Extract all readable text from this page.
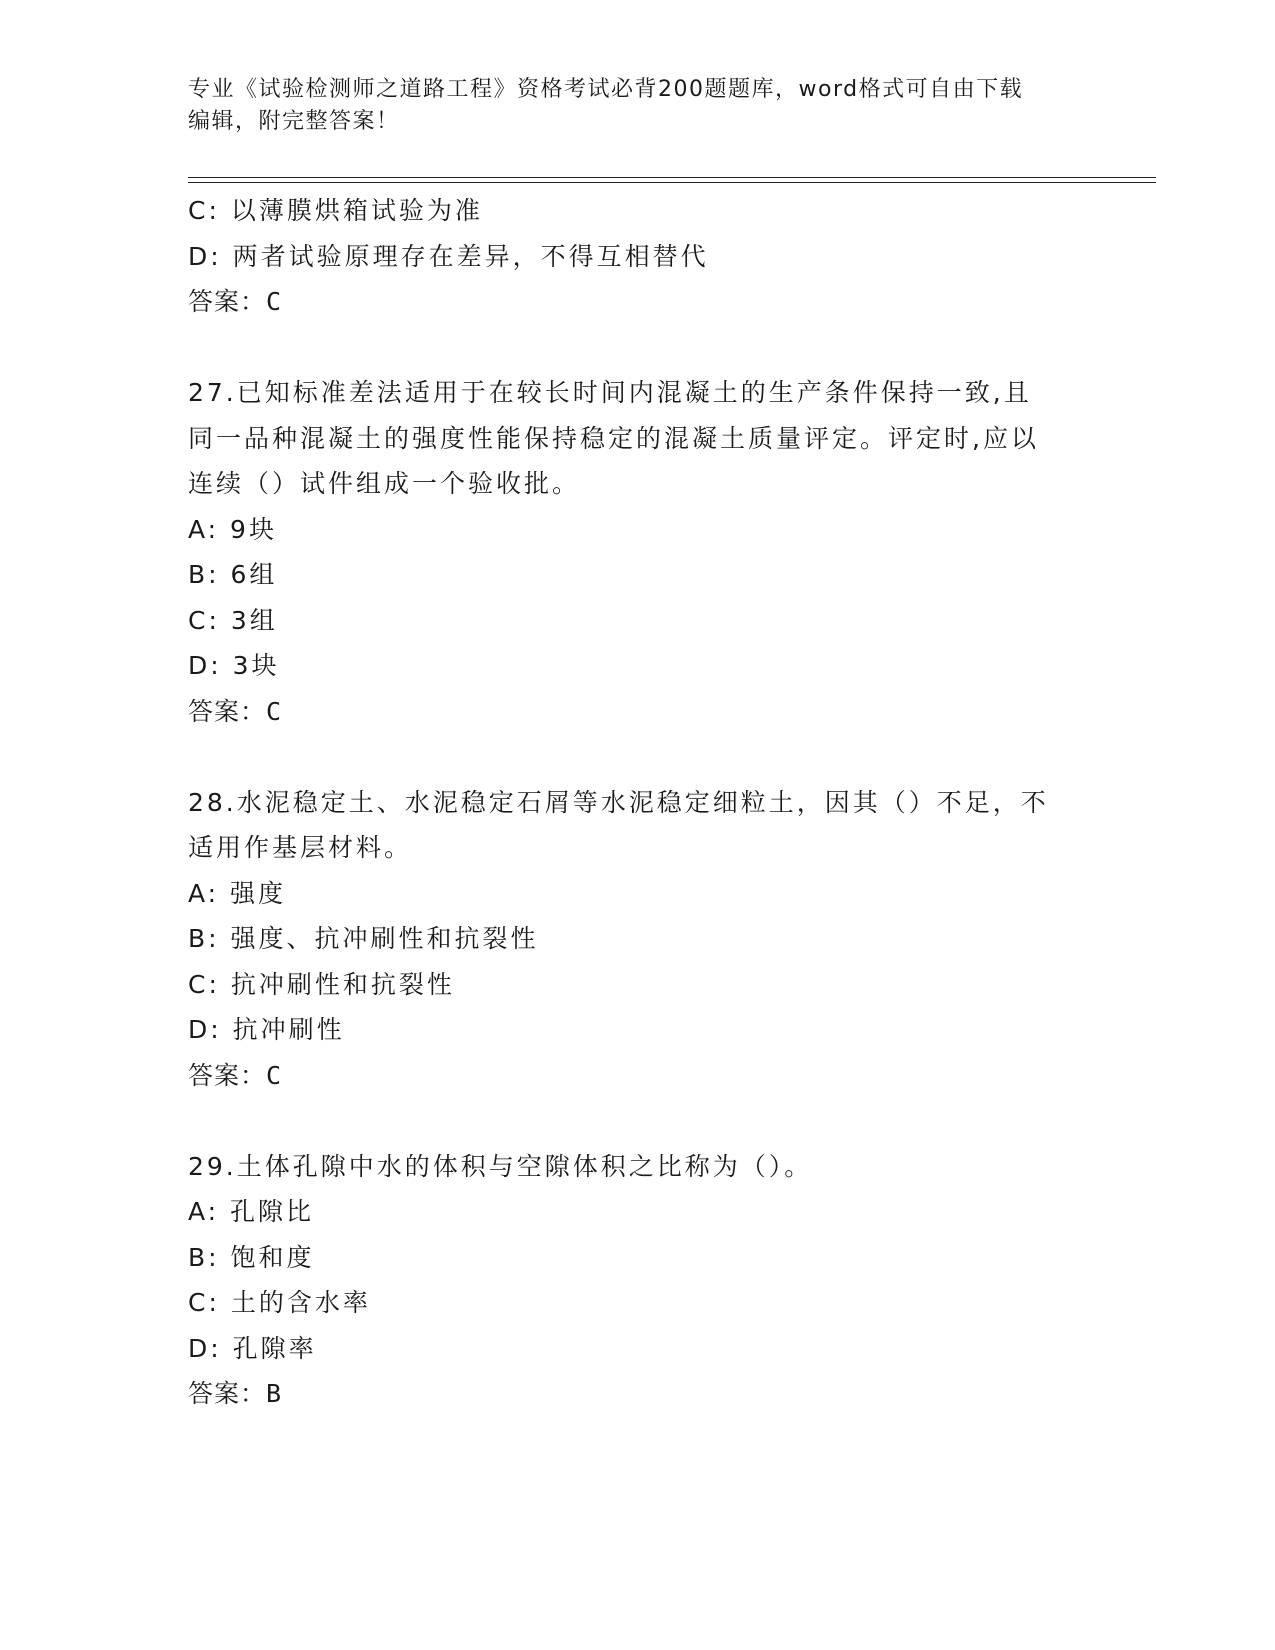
专业《试验检测师之道路工程》资格考试必背200题题库，word格式可自由下载
编辑，附完整答案！
C: 以薄膜烘箱试验为准
D: 两者试验原理存在差异，不得互相替代
答案：C
27.已知标准差法适用于在较长时间内混凝土的生产条件保持一致,且
同一品种混凝土的强度性能保持稳定的混凝土质量评定。评定时,应以
连续（）试件组成一个验收批。
A: 9块
B: 6组
C: 3组
D: 3块
答案：C
28.水泥稳定土、水泥稳定石屑等水泥稳定细粒土，因其（）不足，不
适用作基层材料。
A: 强度
B: 强度、抗冲刷性和抗裂性
C: 抗冲刷性和抗裂性
D: 抗冲刷性
答案：C
29.土体孔隙中水的体积与空隙体积之比称为（）。
A: 孔隙比
B: 饱和度
C: 土的含水率
D: 孔隙率
答案：B
